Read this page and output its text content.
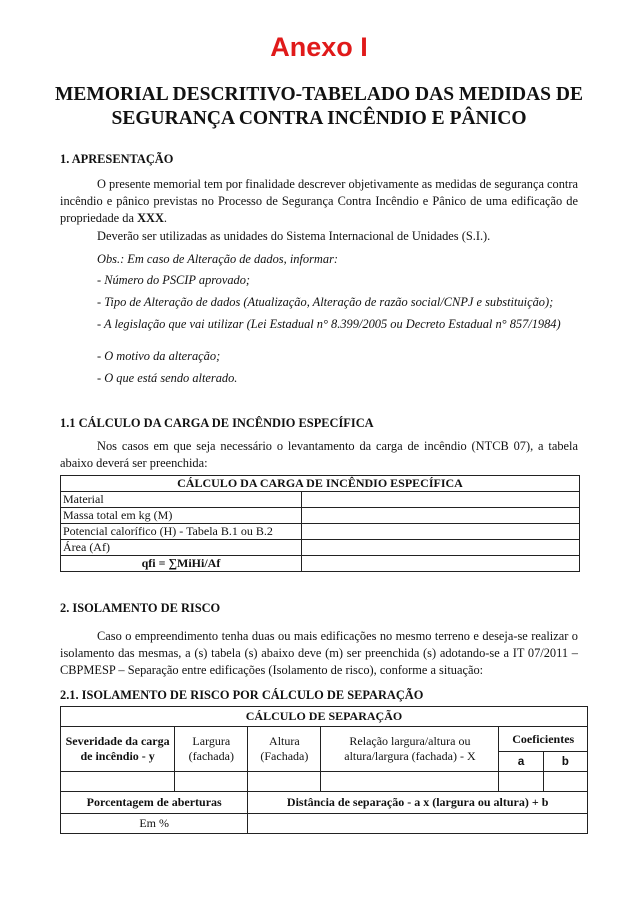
Anexo I
MEMORIAL DESCRITIVO-TABELADO DAS MEDIDAS DE SEGURANÇA CONTRA INCÊNDIO E PÂNICO
1. APRESENTAÇÃO
O presente memorial tem por finalidade descrever objetivamente as medidas de segurança contra incêndio e pânico previstas no Processo de Segurança Contra Incêndio e Pânico de uma edificação de propriedade da XXX.
Deverão ser utilizadas as unidades do Sistema Internacional de Unidades (S.I.).
Obs.: Em caso de Alteração de dados, informar:
- Número do PSCIP aprovado;
- Tipo de Alteração de dados (Atualização, Alteração de razão social/CNPJ e substituição);
- A legislação que vai utilizar (Lei Estadual n° 8.399/2005 ou Decreto Estadual n° 857/1984)
- O motivo da alteração;
- O que está sendo alterado.
1.1 CÁLCULO DA CARGA DE INCÊNDIO ESPECÍFICA
Nos casos em que seja necessário o levantamento da carga de incêndio (NTCB 07), a tabela abaixo deverá ser preenchida:
CÁLCULO DA CARGA DE INCÊNDIO ESPECÍFICA	
Material	
Massa total em kg (M)	
Potencial calorífico (H) - Tabela B.1 ou B.2	
Área (Af)	
qfi = ∑MiHi/Af	
2. ISOLAMENTO DE RISCO
Caso o empreendimento tenha duas ou mais edificações no mesmo terreno e deseja-se realizar o isolamento das mesmas, a (s) tabela (s) abaixo deve (m) ser preenchida (s) adotando-se a IT 07/2011 – CBPMESP – Separação entre edificações (Isolamento de risco), conforme a situação:
2.1. ISOLAMENTO DE RISCO POR CÁLCULO DE SEPARAÇÃO
CÁLCULO DE SEPARAÇÃO					
Severidade da carga de incêndio - y	Largura (fachada)	Altura (Fachada)	Relação largura/altura ou altura/largura (fachada) - X	Coeficientes	
				a	b

Porcentagem de aberturas		Distância de separação - a x (largura ou altura) + b			
Em %					
